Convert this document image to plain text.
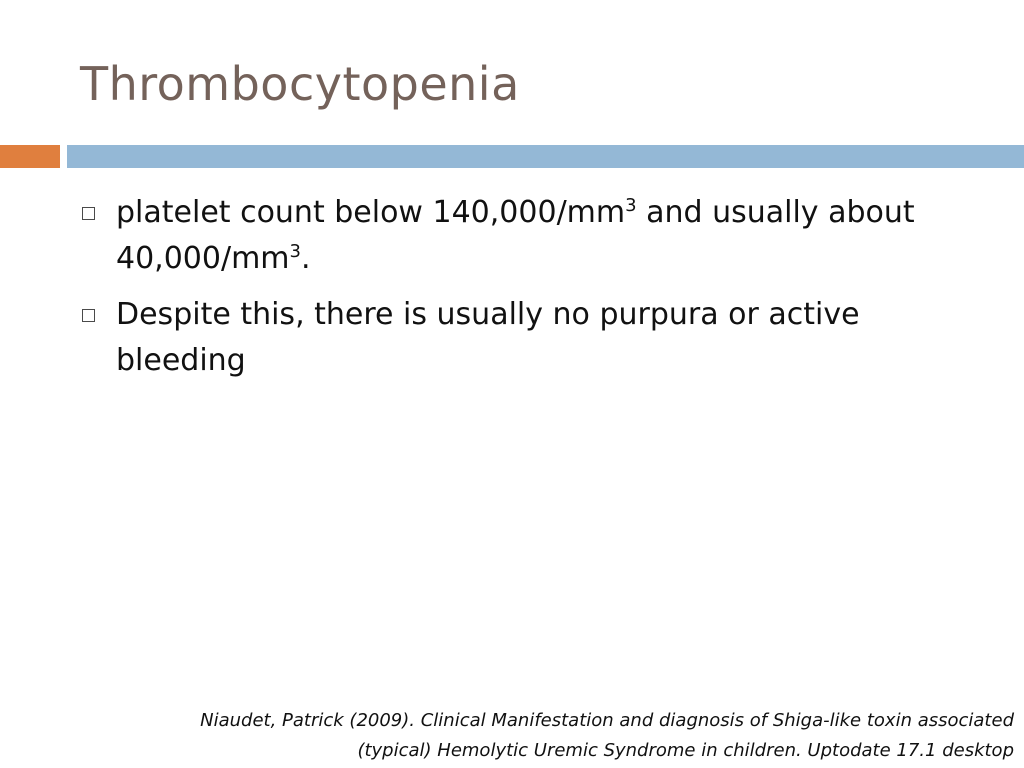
Thrombocytopenia
platelet count below $140,000/mm^3$ and usually about $40,000/mm^3$.
Despite this, there is usually no purpura or active bleeding
Niaudet, Patrick (2009). Clinical Manifestation and diagnosis of Shiga-like toxin associated
(typical) Hemolytic Uremic Syndrome in children. Uptodate 17.1 desktop
